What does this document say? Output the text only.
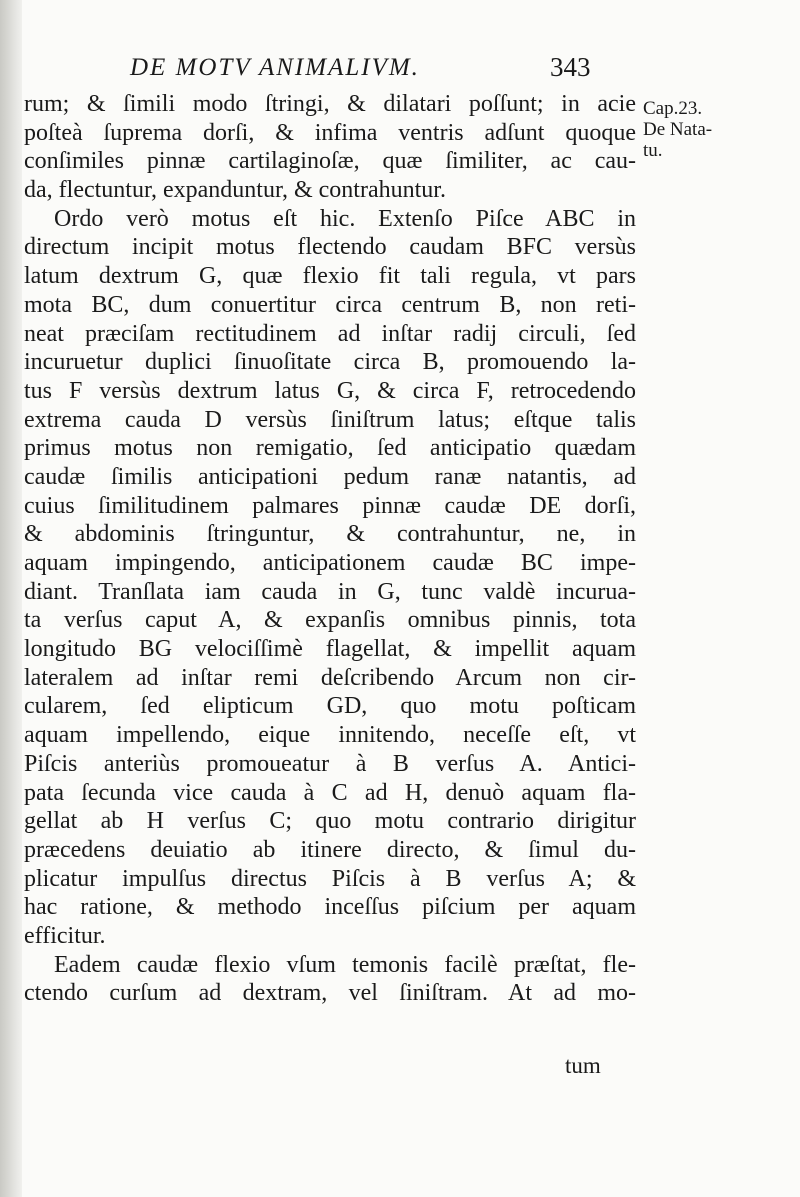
DE MOTV ANIMALIVM.	343
Cap.23.
De Nata-
tu.
rum; & ſimili modo ſtringi, & dilatari poſſunt; in acie
poſteà ſuprema dorſi, & infima ventris adſunt quoque
conſimiles pinnæ cartilaginoſæ, quæ ſimiliter, ac cau-
da, flectuntur, expanduntur, & contrahuntur.
Ordo verò motus eſt hic. Extenſo Piſce ABC in
directum incipit motus flectendo caudam BFC versùs
latum dextrum G, quæ flexio fit tali regula, vt pars
mota BC, dum conuertitur circa centrum B, non reti-
neat præciſam rectitudinem ad inſtar radij circuli, ſed
incuruetur duplici ſinuoſitate circa B, promouendo la-
tus F versùs dextrum latus G, & circa F, retrocedendo
extrema cauda D versùs ſiniſtrum latus; eſtque talis
primus motus non remigatio, ſed anticipatio quædam
caudæ ſimilis anticipationi pedum ranæ natantis, ad
cuius ſimilitudinem palmares pinnæ caudæ DE dorſi,
& abdominis ſtringuntur, & contrahuntur, ne, in
aquam impingendo, anticipationem caudæ BC impe-
diant. Tranſlata iam cauda in G, tunc valdè incurua-
ta verſus caput A, & expanſis omnibus pinnis, tota
longitudo BG velociſſimè flagellat, & impellit aquam
lateralem ad inſtar remi deſcribendo Arcum non cir-
cularem, ſed elipticum GD, quo motu poſticam
aquam impellendo, eique innitendo, neceſſe eſt, vt
Piſcis anteriùs promoueatur à B verſus A. Antici-
pata ſecunda vice cauda à C ad H, denuò aquam fla-
gellat ab H verſus C; quo motu contrario dirigitur
præcedens deuiatio ab itinere directo, & ſimul du-
plicatur impulſus directus Piſcis à B verſus A; &
hac ratione, & methodo inceſſus piſcium per aquam
efficitur.
Eadem caudæ flexio vſum temonis facilè præſtat, fle-
ctendo curſum ad dextram, vel ſiniſtram. At ad mo-
tum
